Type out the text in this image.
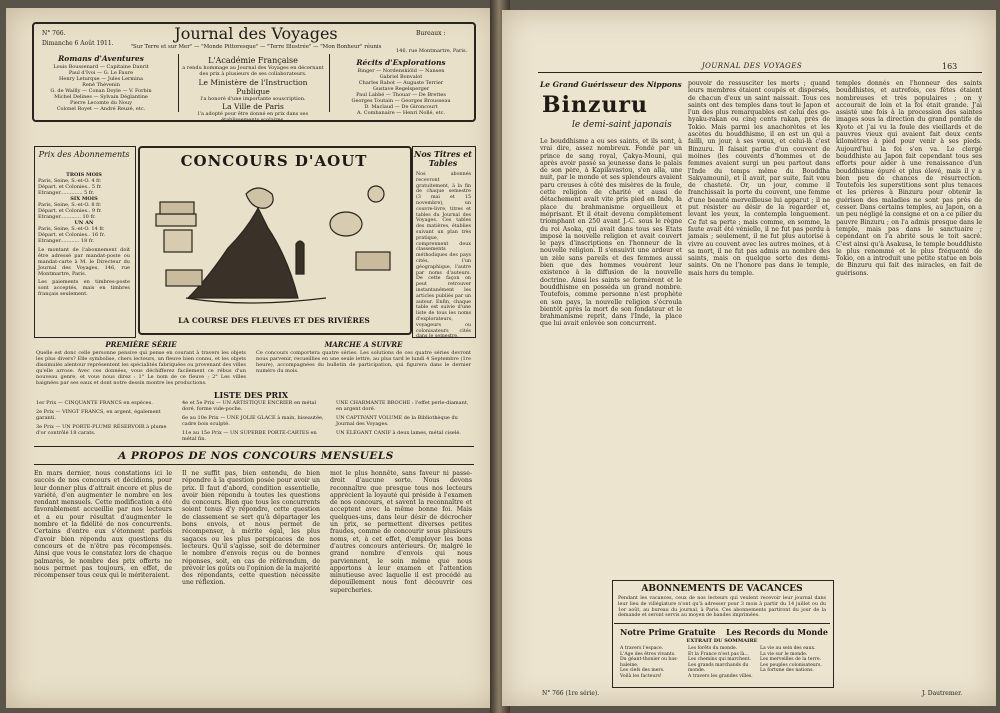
Journal des Voyages
N° 766.
Dimanche 6 Août 1911.	"Sur Terre et sur Mer" — "Monde Pittoresque" — "Terre Illustrée" — "Mon Bonheur" réunis
Bureaux :
146, rue Montmartre, Paris.
Romans d'Aventures
Louis Boussenard — Capitaine Danrit
Paul d'Ivoi — G. Le Faure
Henry Leturque — Jules Lermina
René Thévenin
G. de Wailly — Conan Doyle — V. Forbin
Michel Delines — Sylvain Déglantine
Pierre Lecomte du Nouy
Colonel Royet — André Reuzé, etc.
L'Académie Française
a rendu hommage au Journal des Voyages en décernant des prix à plusieurs de ses collaborateurs.
Le Ministère de l'Instruction Publique
l'a honoré d'une importante souscription.
La Ville de Paris
l'a adopté pour être donné en prix dans ses établissements scolaires.
Récits d'Explorations
Binger — Nordenskiöld — Nansen
Gabriel Bonvalot
Charles Rabot — Auguste Terrier
Gustave Regelsperger
Paul Labbé — Thouar — De Brettes
Georges Toutain — Georges Brousseau
D. Maclaud — De Gironcourt
A. Combanaire — Henri Nollé, etc.
Prix des Abonnements
TROIS MOIS
Paris, Seine, S.-et-O. 4 fr.
Départ. et Colonies.. 5 fr.
Etranger.............. 5 fr.
SIX MOIS
Paris, Seine, S.-et-O. 8 fr.
Départ. et Colonies.. 9 fr.
Etranger............. 10 fr.
UN AN
Paris, Seine, S.-et-O. 14 fr.
Départ. et Colonies.. 16 fr.
Etranger............ 18 fr.
Le montant de l'abonnement doit être adressé par mandat-poste ou mandat-carte à M. le Directeur du Journal des Voyages, 146, rue Montmartre, Paris.
Les paiements en timbres-poste sont acceptés, mais en timbres français seulement.
CONCOURS D'AOUT
LA COURSE DES FLEUVES ET DES RIVIÈRES
Nos Titres et Tables
Nos abonnés recevront gratuitement, à la fin de chaque semestre (3 mai et 15 novembre), un couvre-livre, titres et tables du Journal des Voyages. Ces tables des matières, établies suivant un plan très pratique, comprennent deux classements méthodiques des pays cités, l'un géographique, l'autre par noms d'auteurs. De cette façon on peut retrouver instantanément les articles publiés par un auteur. Enfin, chaque table est suivie d'une liste de tous les noms d'explorateurs, voyageurs ou colonisateurs cités dans le semestre.
PREMIÈRE SÉRIE	MARCHE A SUIVRE
Quelle est donc celle personne pensive qui pense en courant à travers les objets les plus divers? Elle symbolise, chers lecteurs, un fleuve bien connu, et les objets dissimulés alentour représentent les spécialités fabriquées ou provenant des villes qu'elle arrose. Avec ces données, vous déchifferez facilement ce rébus d'un nouveau genre, et vous nous direz : 1° Le nom de ce fleuve ; 2° Les villes baignées par ses eaux et dont notre dessin montre les productions.
Ce concours comportera quatre séries. Les solutions de ces quatre séries devront nous parvenir, recueillies en une seule lettre, au plus tard le lundi 4 Septembre (1re heure), accompagnées du bulletin de participation, qui figurera dans le dernier numéro du mois.
LISTE DES PRIX
1er Prix — CINQUANTE FRANCS en espèces.
2e Prix — VINGT FRANCS, en argent, également garanti.
3e Prix — UN PORTE-PLUME RÉSERVOIR à plume d'or contrôlé 18 carats.
4e et 5e Prix — UN ARTISTIQUE ENCRIER en métal doré, forme vide-poche.
6e au 10e Prix — UNE JOLIE GLACE à main, biseautée, cadre bois sculpté.
11e au 15e Prix — UN SUPERBE PORTE-CARTES en métal fin.
UNE CHARMANTE BROCHE : l'effet perle-diamant, en argent doré.
UN CAPTIVANT VOLUME de la Bibliothèque du Journal des Voyages.
UN ÉLÉGANT CANIF à deux lames, métal ciselé.
A PROPOS DE NOS CONCOURS MENSUELS
En mars dernier, nous constations ici le succès de nos concours et décidions, pour leur donner plus d'attrait encore et plus de variété, d'en augmenter le nombre en les rendant mensuels. Cette modification a été favorablement accueillie par nos lecteurs et a eu pour résultat d'augmenter le nombre et la fidélité de nos concurrents. Certains d'entre eux s'étonnent parfois d'avoir bien répondu aux questions du concours et de n'être pas récompensés. Ainsi que vous le constatez lors de chaque palmarès, le nombre des prix offerts ne nous permet pas toujours, en effet, de récompenser tous ceux qui le mériteraient.
Il ne suffit pas, bien entendu, de bien répondre à la question posée pour avoir un prix. Il faut d'abord, condition essentielle, avoir bien répondu à toutes les questions du concours. Bien que tous les concurrents soient tenus d'y répondre, cette question de classement se sert qu'à départager les bons envois, et nous permet de récompenser, à mérite égal, les plus sagaces ou les plus perspicaces de nos lecteurs. Qu'il s'agisse, soit de déterminer le nombre d'envois reçus ou de bonnes réponses, soit, en cas de référendum, de prévoir les goûts ou l'opinion de la majorité des répondants, cette question nécessite une réflexion.
mot le plus honnête, sans faveur ni passe-droit d'aucune sorte. Nous devons reconnaître que presque tous nos lecteurs apprécient la loyauté qui préside à l'examen de nos concours, et savent la reconnaître et acceptent avec la même bonne foi. Mais quelques-uns, dans leur désir de décrocher un prix, se permettent diverses petites fraudes, comme de concourir sous plusieurs noms, et, à cet effet, d'employer les bons d'autres concours antérieurs. Or, malgré le grand nombre d'envois qui nous parviennent, le soin même que nous apportons à leur examen et l'attention minutieuse avec laquelle il est procédé au dépouillement nous font découvrir ces supercheries.
JOURNAL DES VOYAGES	163
Le Grand Guérisseur des Nippons
Binzuru
le demi-saint japonais
Le bouddhisme a eu ses saints, et ils sont, à vrai dire, assez nombreux. Fondé par un prince de sang royal, Çakya-Mouni, qui après avoir passé sa jeunesse dans le palais de son père, à Kapilavastou, s'en alla, une nuit, par le monde et ses splendeurs avaient paru creuses à côté des misères de la foule, cette religion de charité et aussi de détachement avait vite pris pied en Inde, la place du brahmanisme orgueilleux et méprisant. Et il était devenu complètement triomphant en 250 avant J.-C. sous le règne du roi Asoka, qui avait dans tous ses Etats imposé la nouvelle religion et avait couvert le pays d'inscriptions en l'honneur de la nouvelle religion. Il s'ensuivit une ardeur et un zèle sans pareils et des femmes aussi bien que des hommes vouèrent leur existence à la diffusion de la nouvelle doctrine. Ainsi les saints se formèrent et le bouddhisme en posséda un grand nombre. Toutefois, comme personne n'est prophète en son pays, la nouvelle religion s'écroula bientôt après la mort de son fondateur et le brahmanisme reprit, dans l'Inde, la place que lui avait enlevée son concurrent.
pouvoir de ressusciter les morts ; quand leurs membres étaient coupés et dispersés, de chacun d'eux un saint naissait. Tous ces saints ont des temples dans tout le Japon et l'un des plus remarquables est celui des go-hyaku-rakan ou cinq cents rakan, près de Tokio. Mais parmi les anachorètes et les ascètes du bouddhisme, il en est un qui a failli, un jour, à ses vœux, et celui-là c'est Binzuru. Il faisait partie d'un couvent de moines (les couvents d'hommes et de femmes avaient surgi un peu partout dans l'Inde du temps même du Bouddha Sakyamouni), et il avait, par suite, fait vœu de chasteté. Or, un jour, comme il franchissait la porte du couvent, une femme d'une beauté merveilleuse lui apparut ; il ne put résister au désir de la regarder et, levant les yeux, la contempla longuement. Ce fut sa perte ; mais comme, en somme, la faute avait été vénielle, il ne fut pas perdu à jamais ; seulement, il ne fut plus autorisé à vivre au couvent avec les autres moines, et à sa mort, il ne fut pas admis au nombre des saints, mais on quelque sorte des demi-saints. On ne l'honore pas dans le temple, mais hors du temple.
temples donnés en l'honneur des saints bouddhistes, et autrefois, ces fêtes étaient nombreuses et très populaires ; on y accourait de loin et la foi était grande. J'ai assisté une fois à la procession des saintes images sous la direction du grand pontife de Kyoto et j'ai vu la foule des vieillards et de pauvres vieux qui avaient fait deux cents kilomètres à pied pour venir à ses pieds. Aujourd'hui la foi s'en va. Le clergé bouddhiste au Japon fait cependant tous ses efforts pour aider à une renaissance d'un bouddhisme épuré et plus élevé, mais il y a bien peu de chances de résurrection. Toutefois les superstitions sont plus tenaces et les prières à Binzuru pour obtenir la guérison des maladies ne sont pas près de cesser. Dans certains temples, au Japon, on a un peu négligé la consigne et on a ce pilier du pauvre Binzuru ; on l'a admis presque dans le temple, mais pas dans le sanctuaire ; cependant on l'a abrité sous le toit sacré. C'est ainsi qu'à Asakusa, le temple bouddhiste le plus renommé et le plus fréquenté de Tokio, on a introduit une petite statue en bois de Binzuru qui fait des miracles, en fait de guérisons.
ABONNEMENTS DE VACANCES
Pendant les vacances, ceux de nos lecteurs qui veulent recevoir leur journal dans leur lieu de villégiature n'ont qu'à adresser pour 3 mois à partir du 14 juillet ou du 1er août, au bureau du journal, à Paris. Ces abonnements partiront du jour de la demande et seront servis au moyen de bandes imprimées.
Notre Prime Gratuite	Les Records du Monde
EXTRAIT DU SOMMAIRE
A travers l'espace.
L'Age des êtres vivants.
Du géant-thonier ou bas-baleine.
Les clefs des mers.
Voilà les facteurs!
Les forêts du monde.
Et la France n'est pas là...
Les chemins qui marchent.
Les grands marchands du monde.
A travers les grandes villes.
La vie au sein des eaux.
La vie sur le monde.
Les merveilles de la terre.
Les peuples colonisateurs.
La fortune des nations.
N° 766 (1re série).	J. Dautremer.
